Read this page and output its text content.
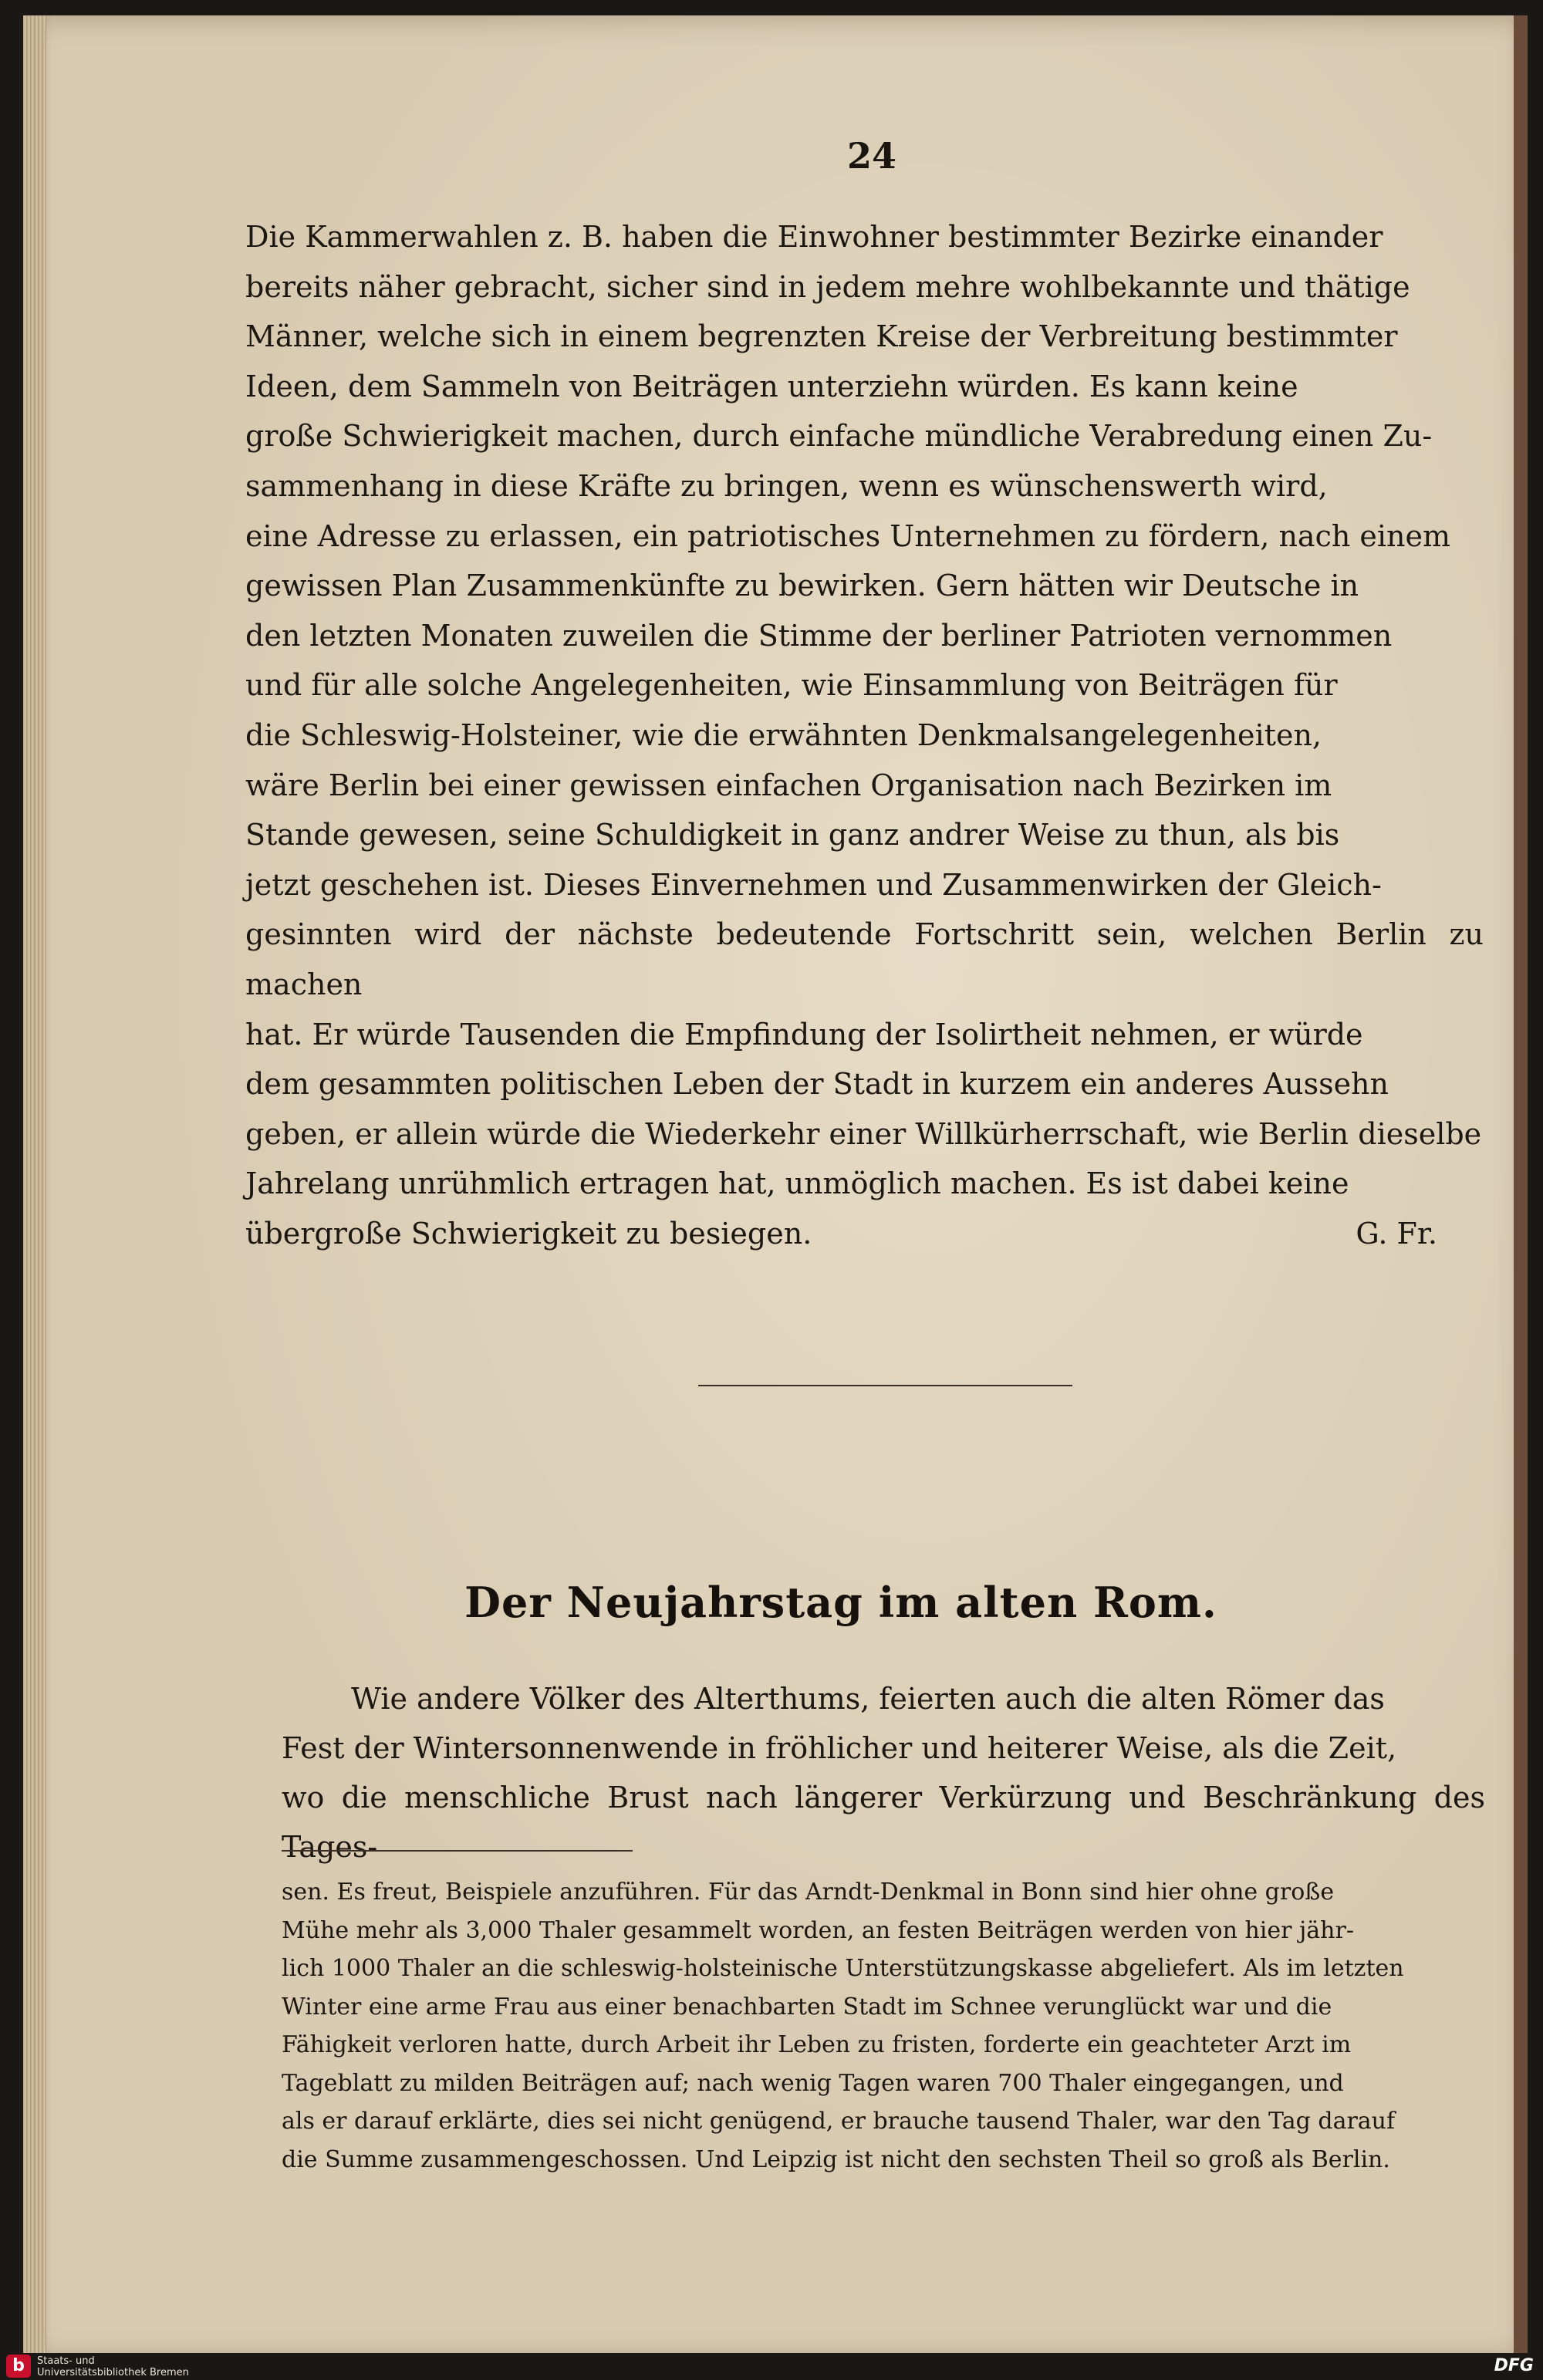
24

Die Kammerwahlen z. B. haben die Einwohner bestimmter Bezirke einander

bereits näher gebracht, sicher sind in jedem mehre wohlbekannte und thätige

Männer, welche sich in einem begrenzten Kreise der Verbreitung bestimmter

Ideen, dem Sammeln von Beiträgen unterziehn würden. Es kann keine

große Schwierigkeit machen, durch einfache mündliche Verabredung einen Zu-

sammenhang in diese Kräfte zu bringen, wenn es wünschenswerth wird,

eine Adresse zu erlassen, ein patriotisches Unternehmen zu fördern, nach einem

gewissen Plan Zusammenkünfte zu bewirken. Gern hätten wir Deutsche in

den letzten Monaten zuweilen die Stimme der berliner Patrioten vernommen

und für alle solche Angelegenheiten, wie Einsammlung von Beiträgen für

die Schleswig-Holsteiner, wie die erwähnten Denkmalsangelegenheiten,

wäre Berlin bei einer gewissen einfachen Organisation nach Bezirken im

Stande gewesen, seine Schuldigkeit in ganz andrer Weise zu thun, als bis

jetzt geschehen ist. Dieses Einvernehmen und Zusammenwirken der Gleich-

gesinnten wird der nächste bedeutende Fortschritt sein, welchen Berlin zu machen

hat. Er würde Tausenden die Empfindung der Isolirtheit nehmen, er würde

dem gesammten politischen Leben der Stadt in kurzem ein anderes Aussehn

geben, er allein würde die Wiederkehr einer Willkürherrschaft, wie Berlin dieselbe

Jahrelang unrühmlich ertragen hat, unmöglich machen. Es ist dabei keine

übergroße Schwierigkeit zu besiegen.	G. Fr.

Der Neujahrstag im alten Rom.

Wie andere Völker des Alterthums, feierten auch die alten Römer das

Fest der Wintersonnenwende in fröhlicher und heiterer Weise, als die Zeit,

wo die menschliche Brust nach längerer Verkürzung und Beschränkung des Tages-

sen. Es freut, Beispiele anzuführen. Für das Arndt-Denkmal in Bonn sind hier ohne große

Mühe mehr als 3,000 Thaler gesammelt worden, an festen Beiträgen werden von hier jähr-

lich 1000 Thaler an die schleswig-holsteinische Unterstützungskasse abgeliefert. Als im letzten

Winter eine arme Frau aus einer benachbarten Stadt im Schnee verunglückt war und die

Fähigkeit verloren hatte, durch Arbeit ihr Leben zu fristen, forderte ein geachteter Arzt im

Tageblatt zu milden Beiträgen auf; nach wenig Tagen waren 700 Thaler eingegangen, und

als er darauf erklärte, dies sei nicht genügend, er brauche tausend Thaler, war den Tag darauf

die Summe zusammengeschossen. Und Leipzig ist nicht den sechsten Theil so groß als Berlin.

b	Staats- und
Universitätsbibliothek Bremen	DFG
